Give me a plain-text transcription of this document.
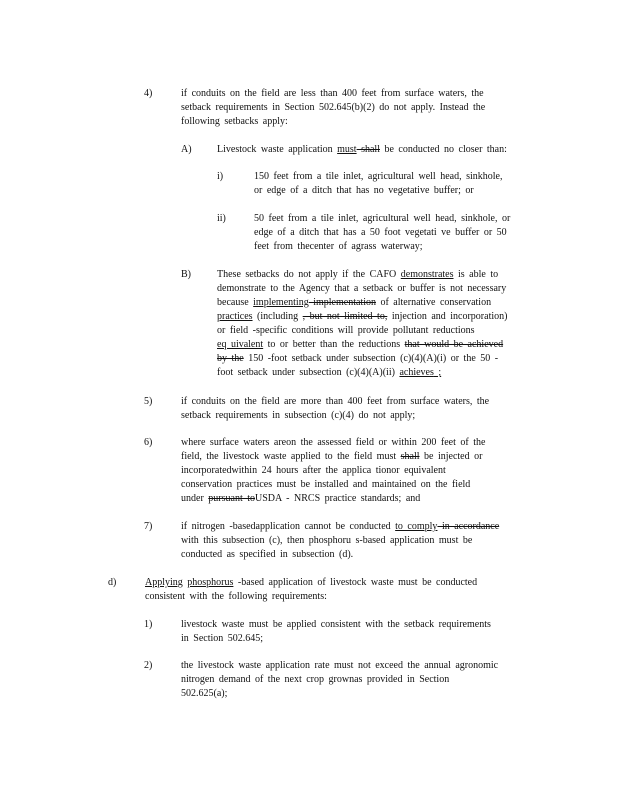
4)	if conduits on the field are less than 400 feet from surface waters, the
setback requirements in Section 502.645(b)(2) do not apply. Instead the
following setbacks apply:
A)	Livestock waste application must shall be conducted no closer than:
i)	150 feet from a tile inlet, agricultural well head, sinkhole,
or edge of a ditch that has no vegetative buffer; or
ii)	50 feet from a tile inlet, agricultural well head, sinkhole, or
edge of a ditch that has a 50 foot vegetati ve buffer or 50
feet from thecenter of agrass waterway;
B)	These setbacks do not apply if the CAFO demonstrates is able to
demonstrate to the Agency that a setback or buffer is not necessary
because implementing implementation of alternative conservation
practices (including , but not limited to, injection and incorporation)
or field -specific conditions will provide pollutant reductions
eq uivalent to or better than the reductions that would be achieved
by the 150 -foot setback under subsection (c)(4)(A)(i) or the 50 -
foot setback under subsection (c)(4)(A)(ii) achieves ;
5)	if conduits on the field are more than 400 feet from surface waters, the
setback requirements in subsection (c)(4) do not apply;
6)	where surface waters areon the assessed field or within 200 feet of the
field, the livestock waste applied to the field must shall be injected or
incorporatedwithin 24 hours after the applica tionor equivalent
conservation practices must be installed and maintained on the field
under pursuant toUSDA - NRCS practice standards; and
7)	if nitrogen -basedapplication cannot be conducted to comply in accordance
with this subsection (c), then phosphoru s-based application must be
conducted as specified in subsection (d).
d)	Applying phosphorus -based application of livestock waste must be conducted
consistent with the following requirements:
1)	livestock waste must be applied consistent with the setback requirements
in Section 502.645;
2)	the livestock waste application rate must not exceed the annual agronomic
nitrogen demand of the next crop grownas provided in Section
502.625(a);
